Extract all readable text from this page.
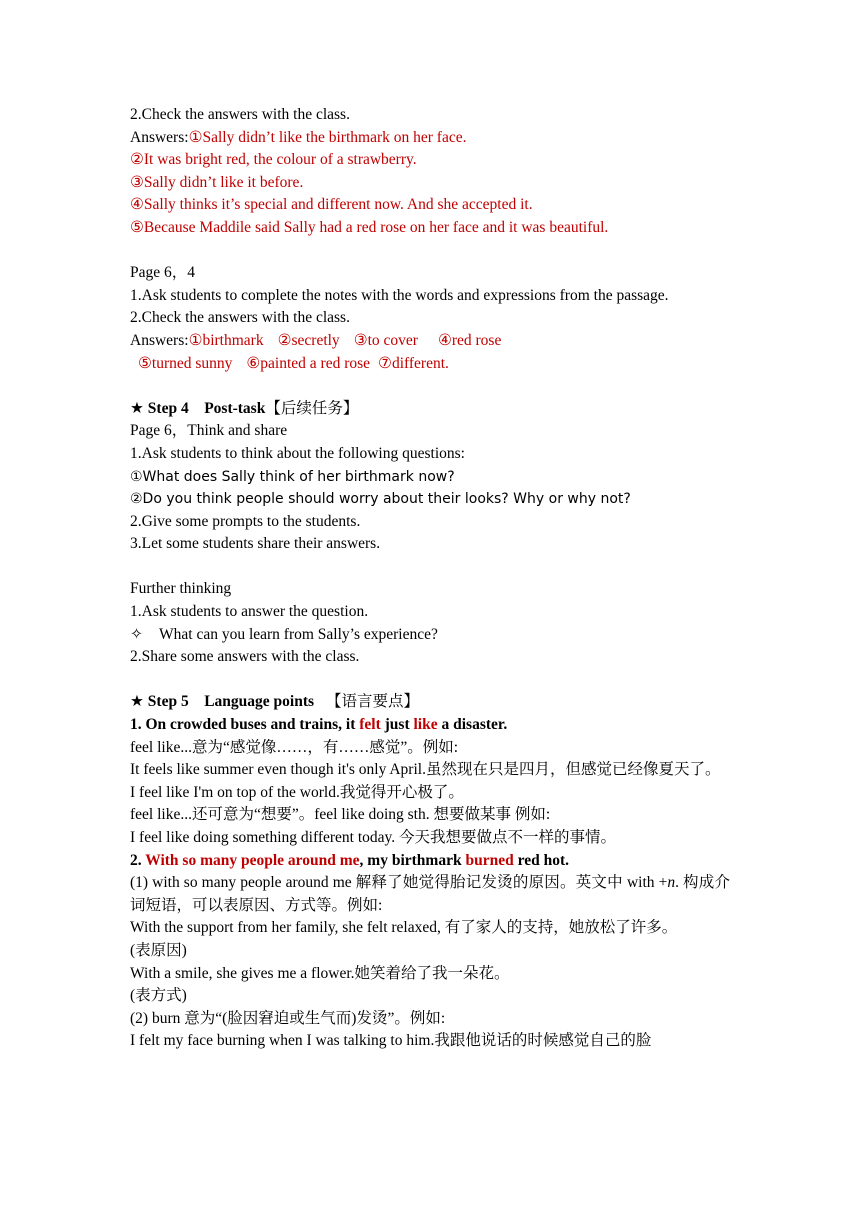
2.Check the answers with the class.
Answers:①Sally didn’t like the birthmark on her face.
②It was bright red, the colour of a strawberry.
③Sally didn’t like it before.
④Sally thinks it’s special and different now. And she accepted it.
⑤Because Maddile said Sally had a red rose on her face and it was beautiful.
Page 6，4
1.Ask students to complete the notes with the words and expressions from the passage.
2.Check the answers with the class.
Answers:①birthmark ②secretly ③to cover ④red rose
⑤turned sunny ⑥painted a red rose ⑦different.
★ Step 4    Post-task【后续任务】
Page 6，Think and share
1.Ask students to think about the following questions:
①What does Sally think of her birthmark now?
②Do you think people should worry about their looks? Why or why not?
2.Give some prompts to the students.
3.Let some students share their answers.
Further thinking
1.Ask students to answer the question.
✧ What can you learn from Sally’s experience?
2.Share some answers with the class.
★ Step 5    Language points 【语言要点】
1. On crowded buses and trains, it felt just like a disaster.
feel like...意为“感觉像……，有……感觉”。例如:
It feels like summer even though it's only April.虽然现在只是四月，但感觉已经像夏天了。
I feel like I'm on top of the world.我觉得开心极了。
feel like...还可意为“想要”。feel like doing sth. 想要做某事 例如:
I feel like doing something different today. 今天我想要做点不一样的事情。
2. With so many people around me, my birthmark burned red hot.
(1) with so many people around me 解释了她觉得胎记发烫的原因。英文中 with +n. 构成介词短语，可以表原因、方式等。例如:
With the support from her family, she felt relaxed, 有了家人的支持，她放松了许多。
(表原因)
With a smile, she gives me a flower.她笑着给了我一朵花。
(表方式)
(2) burn 意为“(脸因窘迫或生气而)发烫”。例如:
I felt my face burning when I was talking to him.我跟他说话的时候感觉自己的脸
